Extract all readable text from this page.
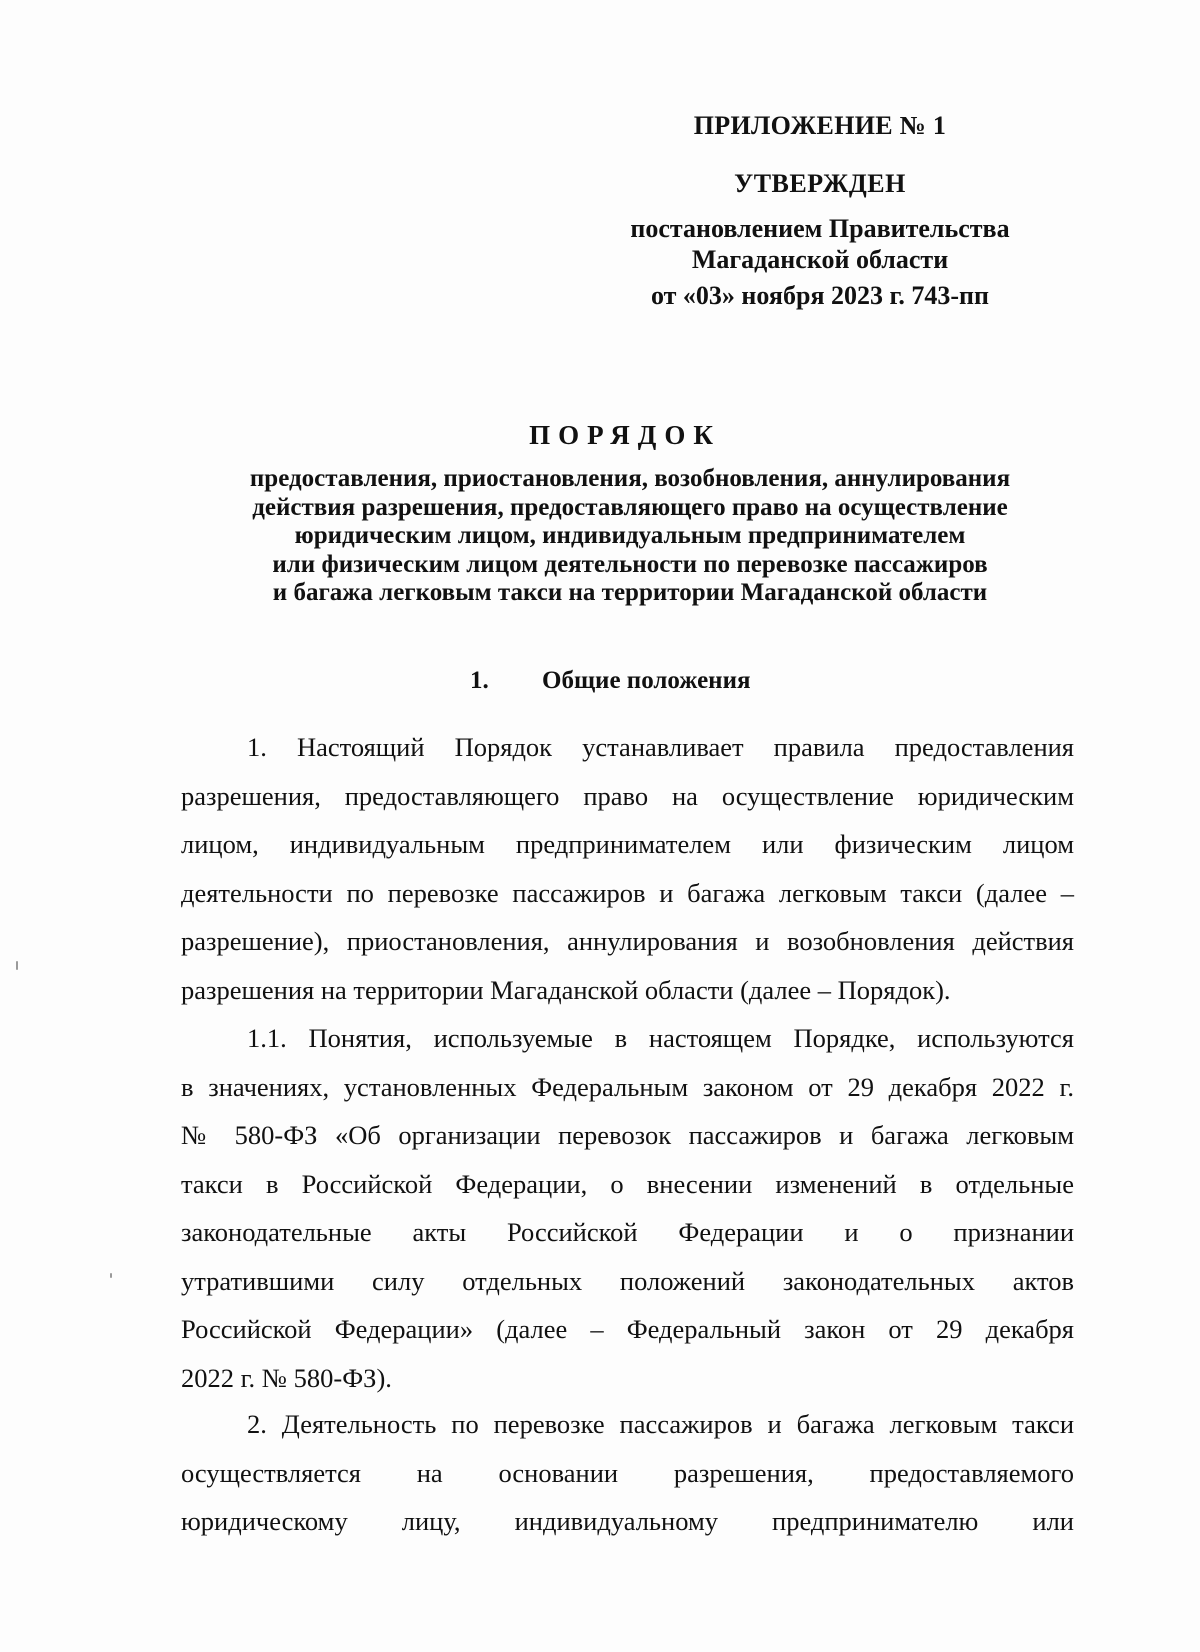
ПРИЛОЖЕНИЕ № 1
УТВЕРЖДЕН
постановлением Правительства
Магаданской области
от «03» ноября 2023 г. 743-пп
ПОРЯДОК
предоставления, приостановления, возобновления, аннулирования
действия разрешения, предоставляющего право на осуществление
юридическим лицом, индивидуальным предпринимателем
или физическим лицом деятельности по перевозке пассажиров
и багажа легковым такси на территории Магаданской области
1. Общие положения
1. Настоящий Порядок устанавливает правила предоставления
разрешения, предоставляющего право на осуществление юридическим
лицом, индивидуальным предпринимателем или физическим лицом
деятельности по перевозке пассажиров и багажа легковым такси (далее –
разрешение), приостановления, аннулирования и возобновления действия
разрешения на территории Магаданской области (далее – Порядок).
1.1. Понятия, используемые в настоящем Порядке, используются
в значениях, установленных Федеральным законом от 29 декабря 2022 г.
№ 580-ФЗ «Об организации перевозок пассажиров и багажа легковым
такси в Российской Федерации, о внесении изменений в отдельные
законодательные акты Российской Федерации и о признании
утратившими силу отдельных положений законодательных актов
Российской Федерации» (далее – Федеральный закон от 29 декабря
2022 г. № 580-ФЗ).
2. Деятельность по перевозке пассажиров и багажа легковым такси
осуществляется на основании разрешения, предоставляемого
юридическому лицу, индивидуальному предпринимателю или
